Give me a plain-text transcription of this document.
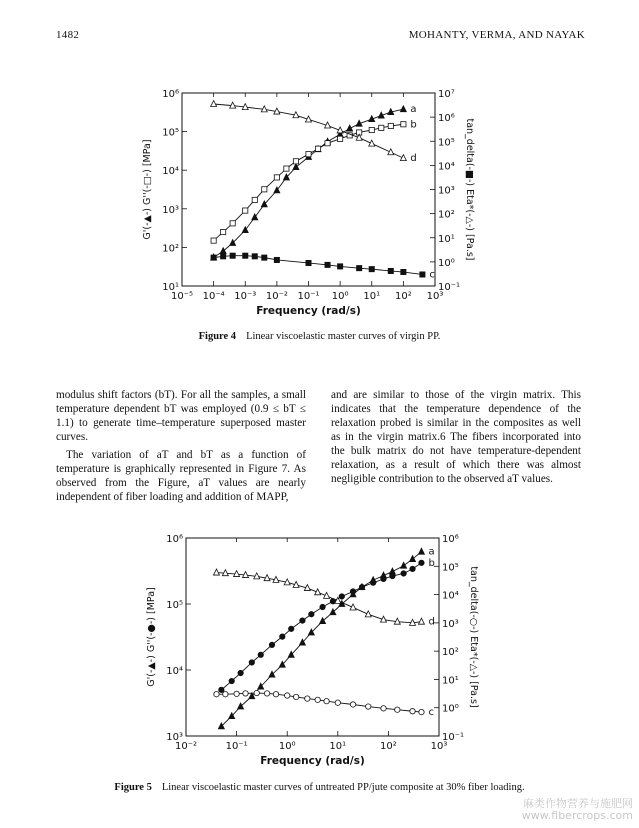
1482	MOHANTY, VERMA, AND NAYAK
10⁻⁵ 10⁻⁴ 10⁻³ 10⁻² 10⁻¹ 10⁰ 10¹ 10² 10³
10¹
10²
10³
10⁴
10⁵
10⁶
10⁻¹
10⁰
10¹
10²
10³
10⁴
10⁵
10⁶
10⁷
Frequency (rad/s)
G'(-▲-) G''(-□-) [MPa]	tan_delta(-■-) Eta*(-△-) [Pa.s]
a
b
c
d
Figure 4 Linear viscoelastic master curves of virgin PP.

modulus shift factors (bT). For all the samples, a small temperature dependent bT was employed (0.9 ≤ bT ≤ 1.1) to generate time–temperature superposed master curves.

The variation of aT and bT as a function of temperature is graphically represented in Figure 7. As observed from the Figure, aT values are nearly independent of fiber loading and addition of MAPP,

and are similar to those of the virgin matrix. This indicates that the temperature dependence of the relaxation probed is similar in the composites as well as in the virgin matrix.6 The fibers incorporated into the bulk matrix do not have temperature-dependent relaxation, as a result of which there was almost negligible contribution to the observed aT values.

10⁻²	10⁻¹	10⁰	10¹	10²	10³
10³
10⁴
10⁵
10⁶
10⁻¹
10⁰
10¹
10²
10³
10⁴
10⁵
10⁶
Frequency (rad/s)
G'(-▲-) G''(-●-) [MPa]	tan_delta(-○-) Eta*(-△-) [Pa.s]
a
b
c
d
Figure 5 Linear viscoelastic master curves of untreated PP/jute composite at 30% fiber loading.
麻类作物营养与施肥网
www.fibercrops.com
